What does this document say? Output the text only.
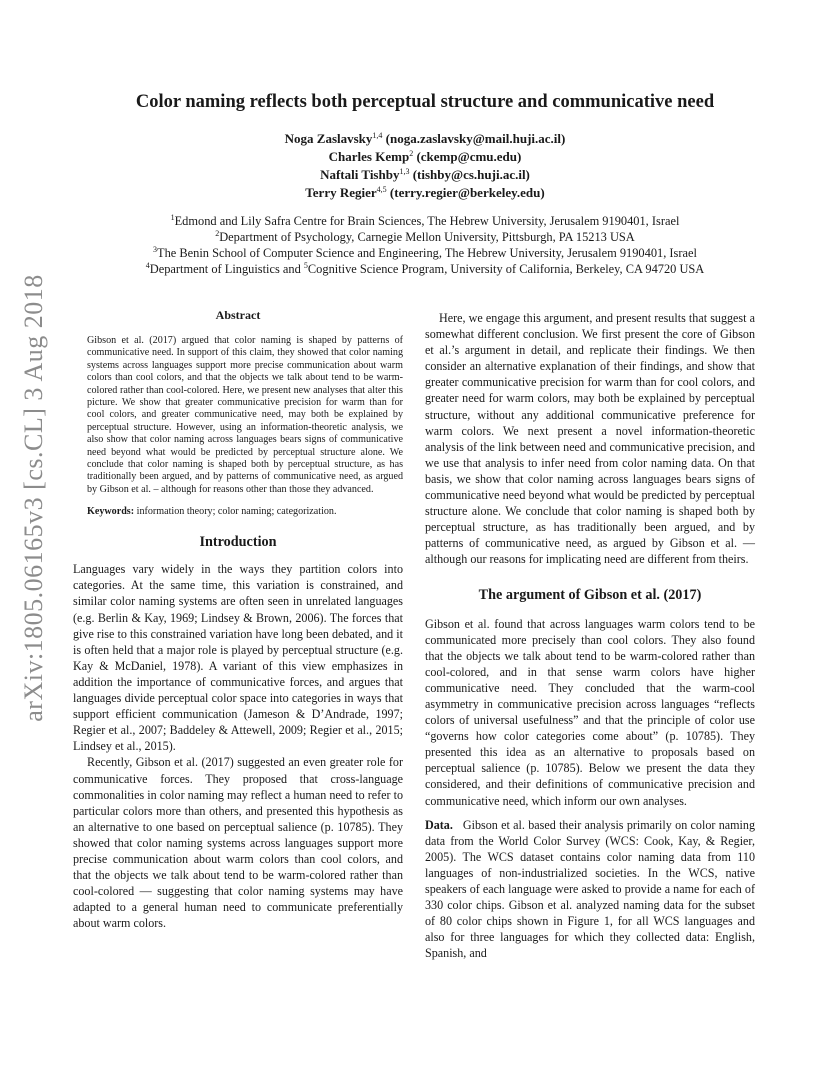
arXiv:1805.06165v3 [cs.CL] 3 Aug 2018
Color naming reflects both perceptual structure and communicative need
Noga Zaslavsky$^{1,4}$ (noga.zaslavsky@mail.huji.ac.il)
Charles Kemp$^2$ (ckemp@cmu.edu)
Naftali Tishby$^{1,3}$ (tishby@cs.huji.ac.il)
Terry Regier$^{4,5}$ (terry.regier@berkeley.edu)
$^1$Edmond and Lily Safra Centre for Brain Sciences, The Hebrew University, Jerusalem 9190401, Israel
$^2$Department of Psychology, Carnegie Mellon University, Pittsburgh, PA 15213 USA
$^3$The Benin School of Computer Science and Engineering, The Hebrew University, Jerusalem 9190401, Israel
$^4$Department of Linguistics and $^5$Cognitive Science Program, University of California, Berkeley, CA 94720 USA
Abstract

Gibson et al. (2017) argued that color naming is shaped by patterns of communicative need. In support of this claim, they showed that color naming systems across languages support more precise communication about warm colors than cool colors, and that the objects we talk about tend to be warm-colored rather than cool-colored. Here, we present new analyses that alter this picture. We show that greater communicative precision for warm than for cool colors, and greater communicative need, may both be explained by perceptual structure. However, using an information-theoretic analysis, we also show that color naming across languages bears signs of communicative need beyond what would be predicted by perceptual structure alone. We conclude that color naming is shaped both by perceptual structure, as has traditionally been argued, and by patterns of communicative need, as argued by Gibson et al. – although for reasons other than those they advanced.

Keywords: information theory; color naming; categorization.

Introduction

Languages vary widely in the ways they partition colors into categories. At the same time, this variation is constrained, and similar color naming systems are often seen in unrelated languages (e.g. Berlin & Kay, 1969; Lindsey & Brown, 2006). The forces that give rise to this constrained variation have long been debated, and it is often held that a major role is played by perceptual structure (e.g. Kay & McDaniel, 1978). A variant of this view emphasizes in addition the importance of communicative forces, and argues that languages divide perceptual color space into categories in ways that support efficient communication (Jameson & D’Andrade, 1997; Regier et al., 2007; Baddeley & Attewell, 2009; Regier et al., 2015; Lindsey et al., 2015).

Recently, Gibson et al. (2017) suggested an even greater role for communicative forces. They proposed that cross-language commonalities in color naming may reflect a human need to refer to particular colors more than others, and presented this hypothesis as an alternative to one based on perceptual salience (p. 10785). They showed that color naming systems across languages support more precise communication about warm colors than cool colors, and that the objects we talk about tend to be warm-colored rather than cool-colored — suggesting that color naming systems may have adapted to a general human need to communicate preferentially about warm colors.

Here, we engage this argument, and present results that suggest a somewhat different conclusion. We first present the core of Gibson et al.’s argument in detail, and replicate their findings. We then consider an alternative explanation of their findings, and show that greater communicative precision for warm than for cool colors, and greater need for warm colors, may both be explained by perceptual structure, without any additional communicative preference for warm colors. We next present a novel information-theoretic analysis of the link between need and communicative precision, and we use that analysis to infer need from color naming data. On that basis, we show that color naming across languages bears signs of communicative need beyond what would be predicted by perceptual structure alone. We conclude that color naming is shaped both by perceptual structure, as has traditionally been argued, and by patterns of communicative need, as argued by Gibson et al. — although our reasons for implicating need are different from theirs.

The argument of Gibson et al. (2017)

Gibson et al. found that across languages warm colors tend to be communicated more precisely than cool colors. They also found that the objects we talk about tend to be warm-colored rather than cool-colored, and in that sense warm colors have higher communicative need. They concluded that the warm-cool asymmetry in communicative precision across languages “reflects colors of universal usefulness” and that the principle of color use “governs how color categories come about” (p. 10785). They presented this idea as an alternative to proposals based on perceptual salience (p. 10785). Below we present the data they considered, and their definitions of communicative precision and communicative need, which inform our own analyses.

Data. Gibson et al. based their analysis primarily on color naming data from the World Color Survey (WCS: Cook, Kay, & Regier, 2005). The WCS dataset contains color naming data from 110 languages of non-industrialized societies. In the WCS, native speakers of each language were asked to provide a name for each of 330 color chips. Gibson et al. analyzed naming data for the subset of 80 color chips shown in Figure 1, for all WCS languages and also for three languages for which they collected data: English, Spanish, and
